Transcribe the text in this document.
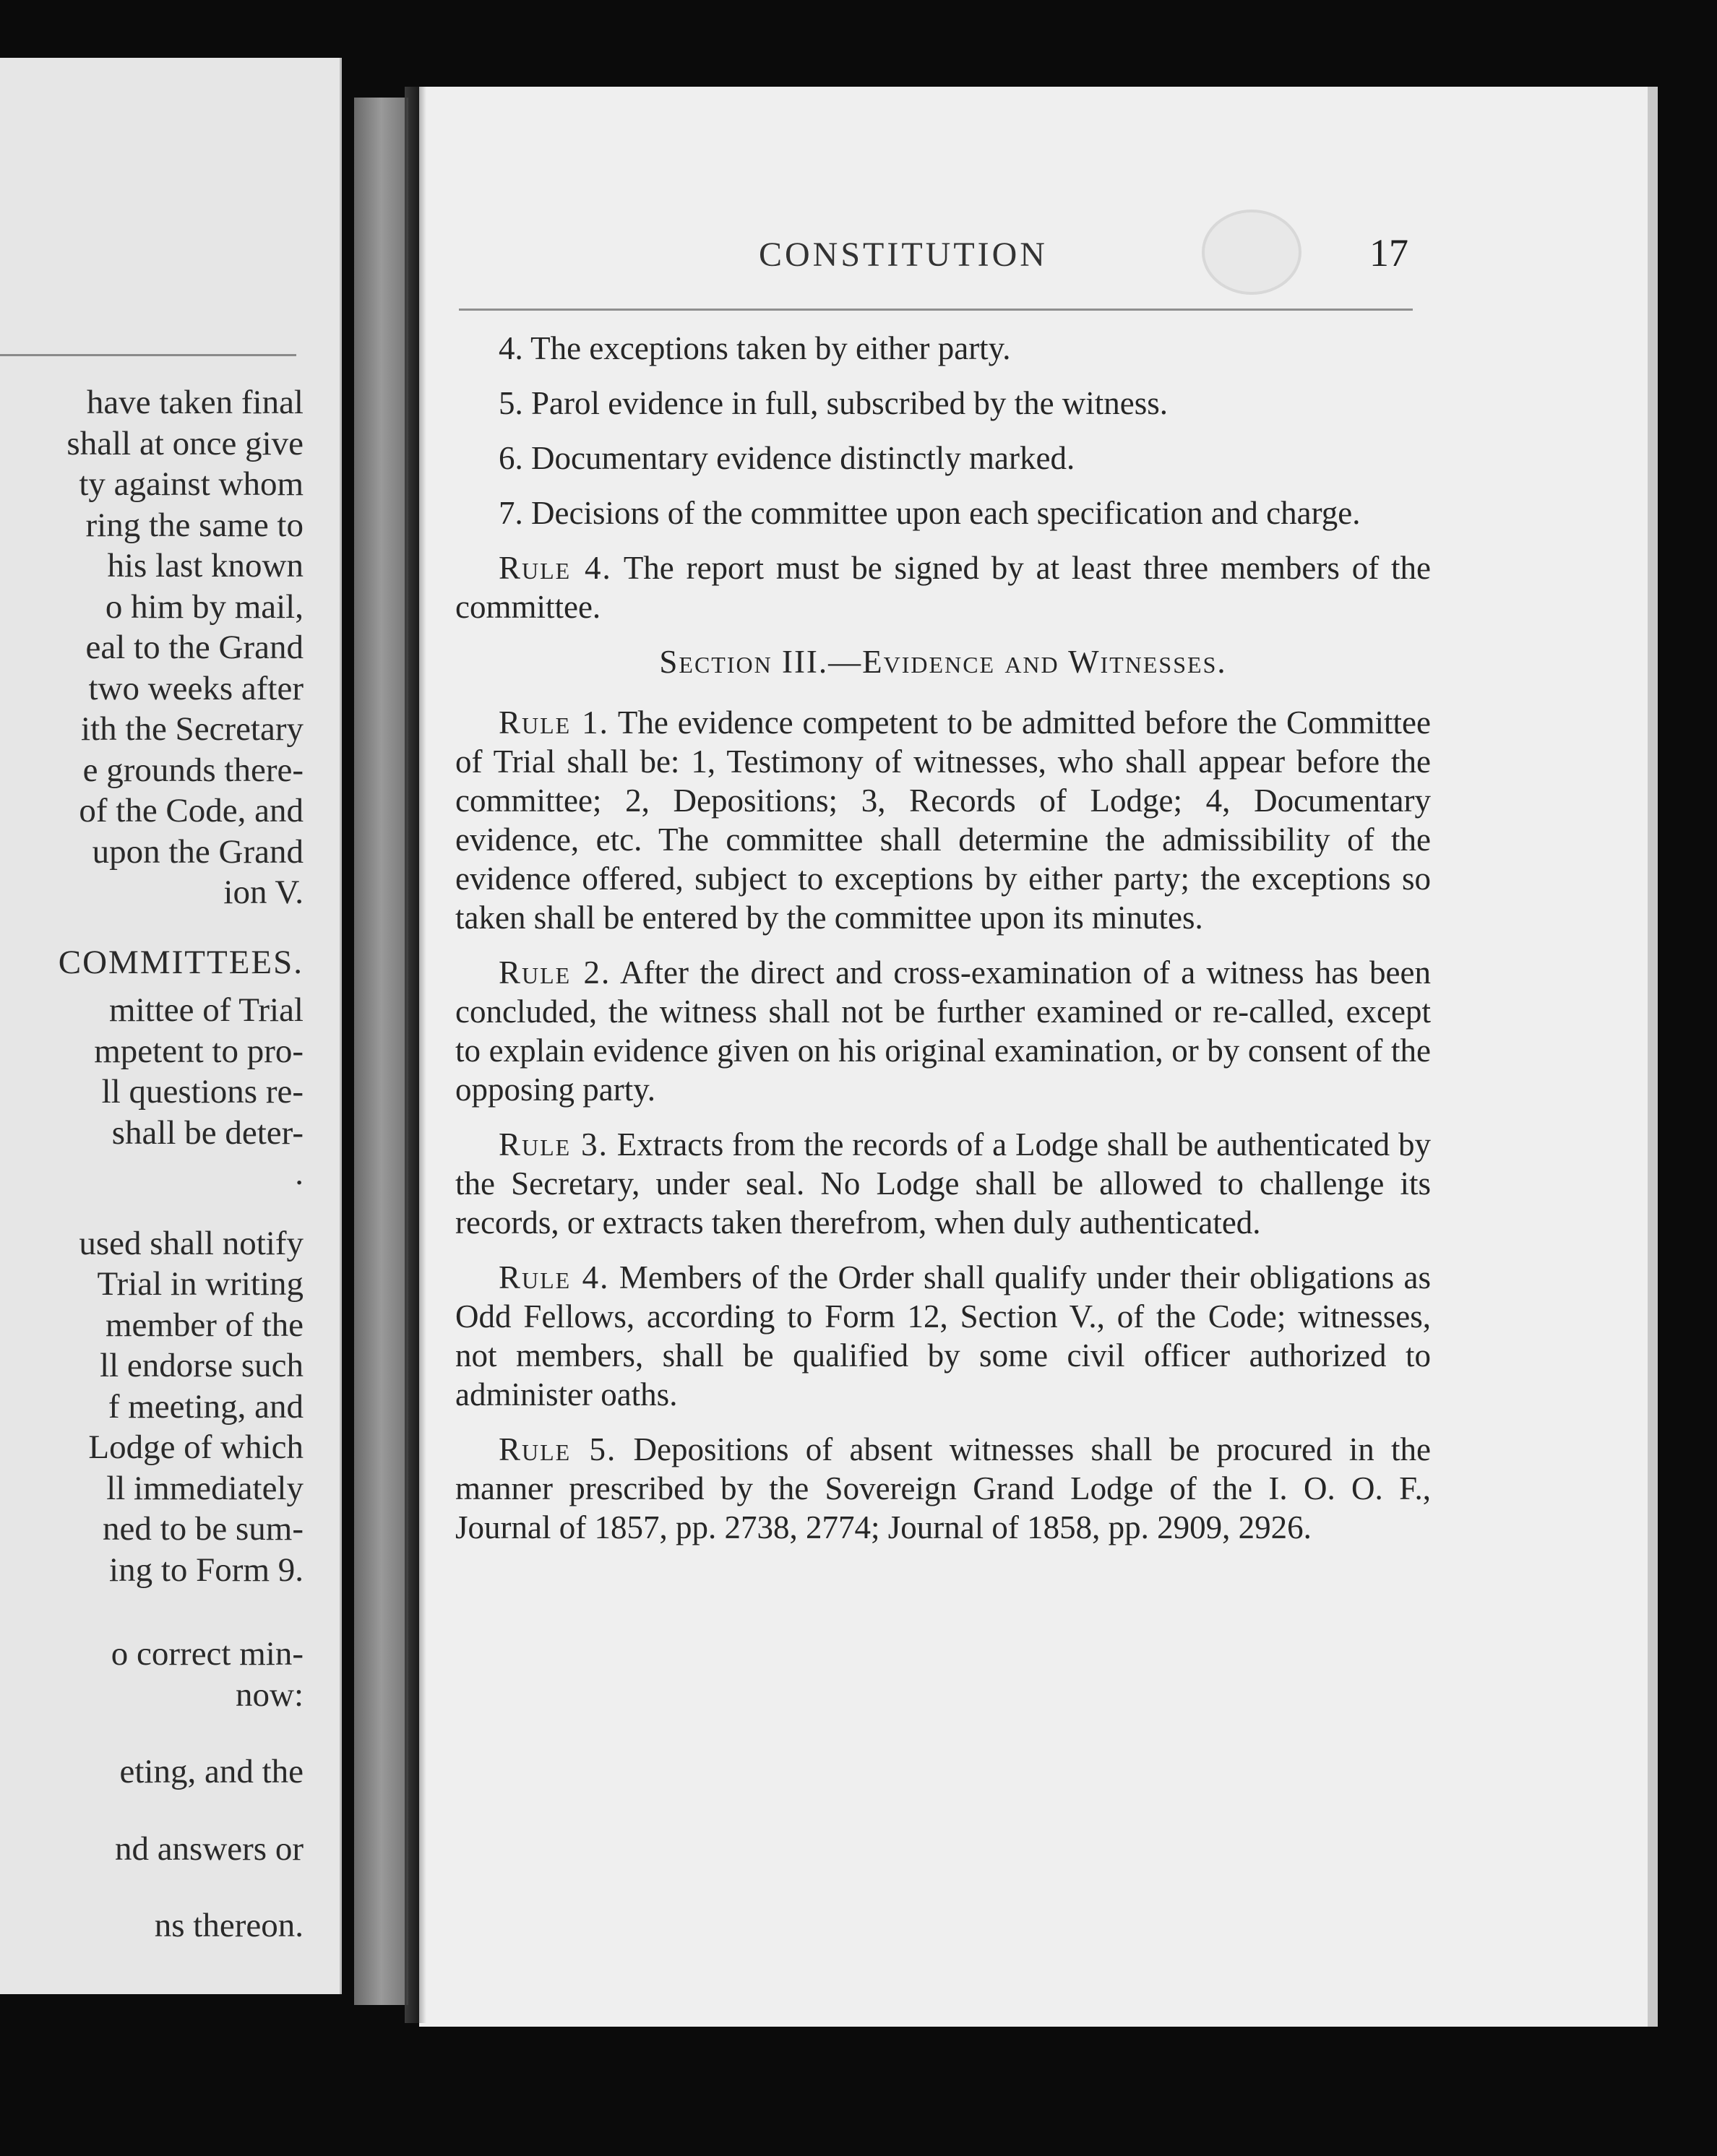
have taken final
shall at once give
ty against whom
ring the same to
his last known
o him by mail,
eal to the Grand
two weeks after
ith the Secretary
e grounds there-
of the Code, and
upon the Grand
ion V.
COMMITTEES.
mittee of Trial
mpetent to pro-
ll questions re-
shall be deter-
.
used shall notify
Trial in writing
member of the
ll endorse such
f meeting, and
Lodge of which
ll immediately
ned to be sum-
ing to Form 9.
o correct min-
now:
eting, and the
nd answers or
ns thereon.
CONSTITUTION	17

4. The exceptions taken by either party.

5. Parol evidence in full, subscribed by the witness.

6. Documentary evidence distinctly marked.

7. Decisions of the committee upon each specification and charge.

Rule 4. The report must be signed by at least three members of the committee.

Section III.—Evidence and Witnesses.

Rule 1. The evidence competent to be admitted before the Committee of Trial shall be: 1, Testimony of witnesses, who shall appear before the committee; 2, Depositions; 3, Records of Lodge; 4, Documentary evidence, etc. The committee shall determine the admissibility of the evidence offered, subject to exceptions by either party; the exceptions so taken shall be entered by the committee upon its minutes.

Rule 2. After the direct and cross-examination of a witness has been concluded, the witness shall not be further examined or re-called, except to explain evidence given on his original examination, or by consent of the opposing party.

Rule 3. Extracts from the records of a Lodge shall be authenticated by the Secretary, under seal. No Lodge shall be allowed to challenge its records, or extracts taken therefrom, when duly authenticated.

Rule 4. Members of the Order shall qualify under their obligations as Odd Fellows, according to Form 12, Section V., of the Code; witnesses, not members, shall be qualified by some civil officer authorized to administer oaths.

Rule 5. Depositions of absent witnesses shall be procured in the manner prescribed by the Sovereign Grand Lodge of the I. O. O. F., Journal of 1857, pp. 2738, 2774; Journal of 1858, pp. 2909, 2926.
